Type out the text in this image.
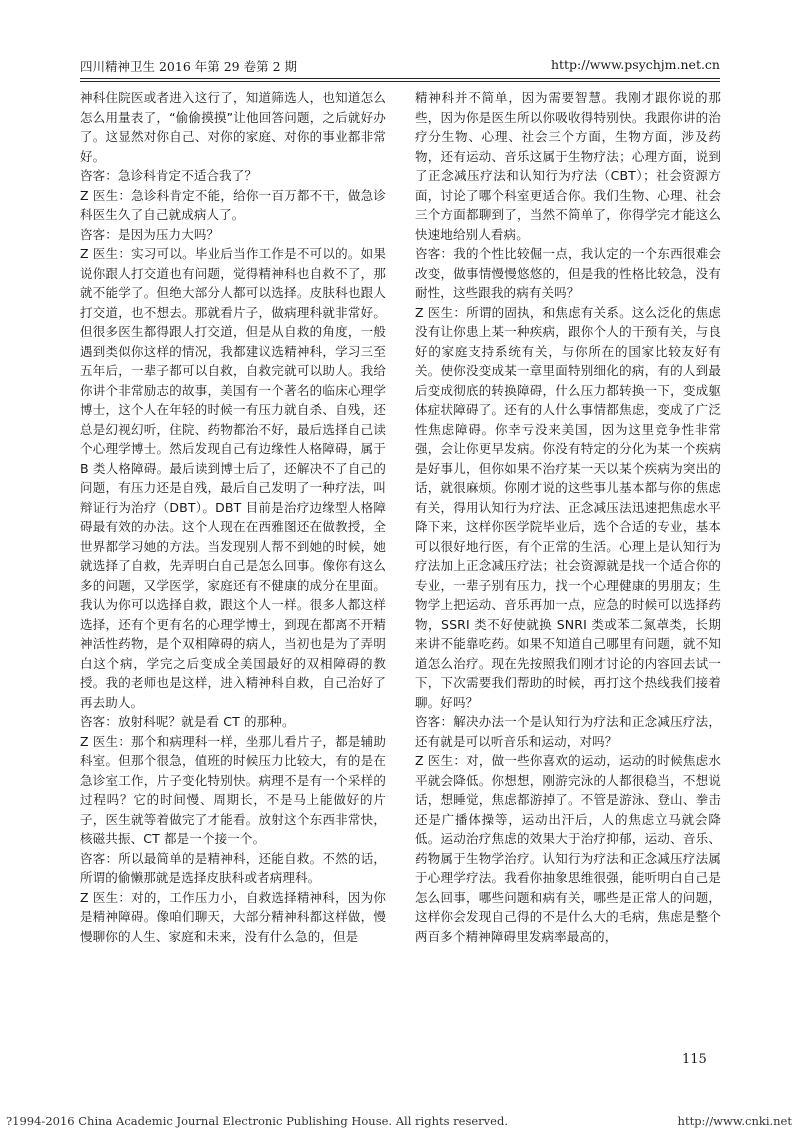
四川精神卫生 2016 年第 29 卷第 2 期	http://www.psychjm.net.cn

神科住院医或者进入这行了，知道筛选人，也知道怎么怎么用量表了，“偷偷摸摸”让他回答问题，之后就好办了。这显然对你自己、对你的家庭、对你的事业都非常好。

咨客：急诊科肯定不适合我了？

Z 医生：急诊科肯定不能，给你一百万都不干，做急诊科医生久了自己就成病人了。

咨客：是因为压力大吗？

Z 医生：实习可以。毕业后当作工作是不可以的。如果说你跟人打交道也有问题，觉得精神科也自救不了，那就不能学了。但绝大部分人都可以选择。皮肤科也跟人打交道，也不想去。那就看片子，做病理科就非常好。但很多医生都得跟人打交道，但是从自救的角度，一般遇到类似你这样的情况，我都建议选精神科，学习三至五年后，一辈子都可以自救，自救完就可以助人。我给你讲个非常励志的故事，美国有一个著名的临床心理学博士，这个人在年轻的时候一有压力就自杀、自残，还总是幻视幻听，住院、药物都治不好，最后选择自己读个心理学博士。然后发现自己有边缘性人格障碍，属于 B 类人格障碍。最后读到博士后了，还解决不了自己的问题，有压力还是自残，最后自己发明了一种疗法，叫辩证行为治疗（DBT）。DBT 目前是治疗边缘型人格障碍最有效的办法。这个人现在在西雅图还在做教授，全世界都学习她的方法。当发现别人帮不到她的时候，她就选择了自救，先弄明白自己是怎么回事。像你有这么多的问题，又学医学，家庭还有不健康的成分在里面。我认为你可以选择自救，跟这个人一样。很多人都这样选择，还有个更有名的心理学博士，到现在都离不开精神活性药物，是个双相障碍的病人，当初也是为了弄明白这个病，学完之后变成全美国最好的双相障碍的教授。我的老师也是这样，进入精神科自救，自己治好了再去助人。

咨客：放射科呢？就是看 CT 的那种。

Z 医生：那个和病理科一样，坐那儿看片子，都是辅助科室。但那个很急，值班的时候压力比较大，有的是在急诊室工作，片子变化特别快。病理不是有一个采样的过程吗？它的时间慢、周期长，不是马上能做好的片子，医生就等着做完了才能看。放射这个东西非常快，核磁共振、CT 都是一个接一个。

咨客：所以最简单的是精神科，还能自救。不然的话，所谓的偷懒那就是选择皮肤科或者病理科。

Z 医生：对的，工作压力小，自救选择精神科，因为你是精神障碍。像咱们聊天，大部分精神科都这样做，慢慢聊你的人生、家庭和未来，没有什么急的，但是

精神科并不简单，因为需要智慧。我刚才跟你说的那些，因为你是医生所以你吸收得特别快。我跟你讲的治疗分生物、心理、社会三个方面，生物方面，涉及药物，还有运动、音乐这属于生物疗法；心理方面，说到了正念减压疗法和认知行为疗法（CBT）；社会资源方面，讨论了哪个科室更适合你。我们生物、心理、社会三个方面都聊到了，当然不简单了，你得学完才能这么快速地给别人看病。

咨客：我的个性比较倔一点，我认定的一个东西很难会改变，做事情慢慢悠悠的，但是我的性格比较急，没有耐性，这些跟我的病有关吗？

Z 医生：所谓的固执，和焦虑有关系。这么泛化的焦虑没有让你患上某一种疾病，跟你个人的干预有关，与良好的家庭支持系统有关，与你所在的国家比较友好有关。使你没变成某一章里面特别细化的病，有的人到最后变成彻底的转换障碍，什么压力都转换一下，变成躯体症状障碍了。还有的人什么事情都焦虑，变成了广泛性焦虑障碍。你幸亏没来美国，因为这里竞争性非常强，会让你更早发病。你没有特定的分化为某一个疾病是好事儿，但你如果不治疗某一天以某个疾病为突出的话，就很麻烦。你刚才说的这些事儿基本都与你的焦虑有关，得用认知行为疗法、正念减压法迅速把焦虑水平降下来，这样你医学院毕业后，选个合适的专业，基本可以很好地行医，有个正常的生活。心理上是认知行为疗法加上正念减压疗法；社会资源就是找一个适合你的专业，一辈子别有压力，找一个心理健康的男朋友；生物学上把运动、音乐再加一点，应急的时候可以选择药物，SSRI 类不好使就换 SNRI 类或苯二氮䓬类，长期来讲不能靠吃药。如果不知道自己哪里有问题，就不知道怎么治疗。现在先按照我们刚才讨论的内容回去试一下，下次需要我们帮助的时候，再打这个热线我们接着聊。好吗？

咨客：解决办法一个是认知行为疗法和正念减压疗法，还有就是可以听音乐和运动，对吗？

Z 医生：对，做一些你喜欢的运动，运动的时候焦虑水平就会降低。你想想，刚游完泳的人都很稳当，不想说话，想睡觉，焦虑都游掉了。不管是游泳、登山、拳击还是广播体操等，运动出汗后，人的焦虑立马就会降低。运动治疗焦虑的效果大于治疗抑郁，运动、音乐、药物属于生物学治疗。认知行为疗法和正念减压疗法属于心理学疗法。我看你抽象思维很强，能听明白自己是怎么回事，哪些问题和病有关，哪些是正常人的问题，这样你会发现自己得的不是什么大的毛病，焦虑是整个两百多个精神障碍里发病率最高的，

115
?1994-2016 China Academic Journal Electronic Publishing House. All rights reserved.	http://www.cnki.net
